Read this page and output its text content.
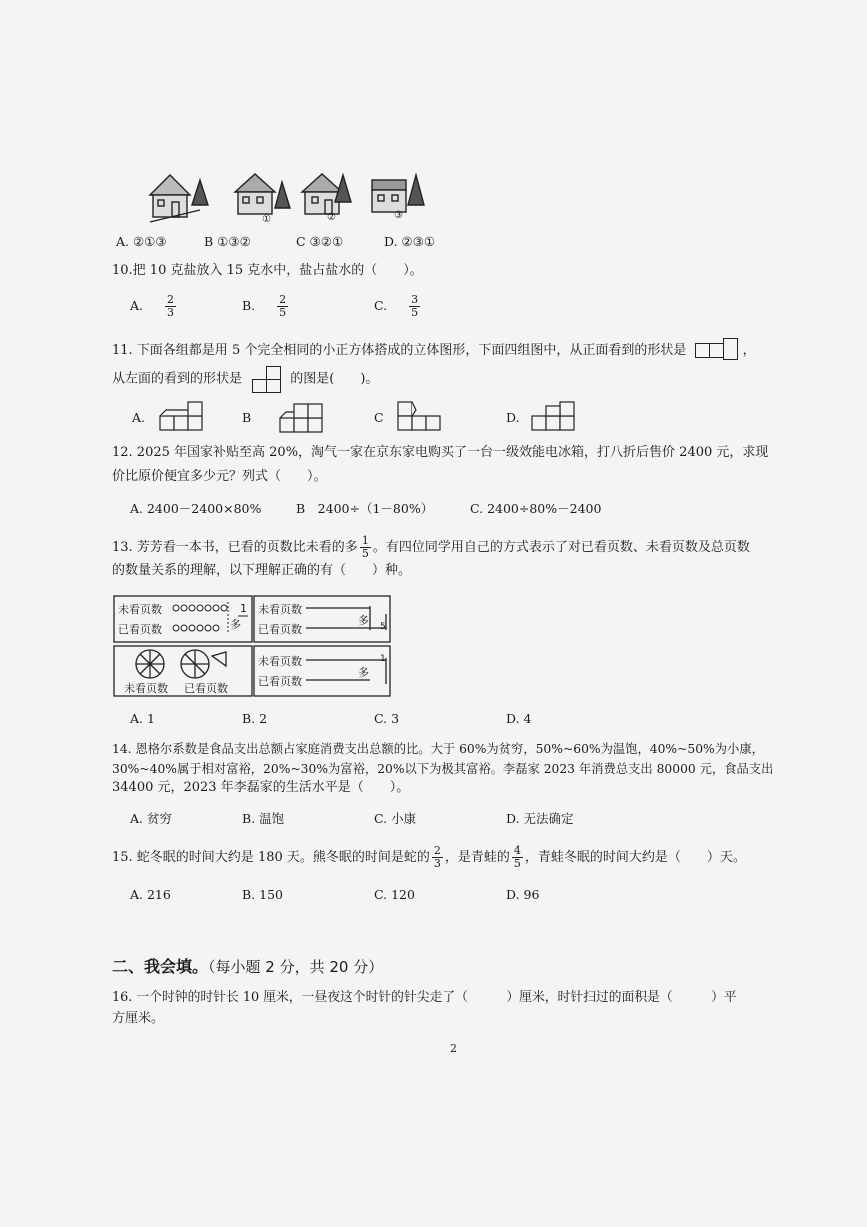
①	②	③
A. ②①③	B ①③②	C ③②①	D. ②③①
10.把 10 克盐放入 15 克水中，盐占盐水的（　　）。
A. $\frac{2}{3}$	B. $\frac{2}{5}$	C. $\frac{3}{5}$
11. 下面各组都是用 5 个完全相同的小正方体搭成的立体图形，下面四组图中，从正面看到的形状是	，
从左面的看到的形状是	的图是(　　)。
A.	B	C	D.
12. 2025 年国家补贴至高 20%，淘气一家在京东家电购买了一台一级效能电冰箱，打八折后售价 2400 元，求现
价比原价便宜多少元？列式（　　）。
A. 2400－2400×80%	B　2400÷（1－80%）	C. 2400÷80%－2400
13. 芳芳看一本书，已看的页数比未看的多 $\frac{1}{5}$ 。有四位同学用自己的方式表示了对已看页数、未看页数及总页数
的数量关系的理解，以下理解正确的有（　　）种。
未看页数
已看页数	多
1 未看页数
已看页数
多 5
未看页数 已看页数
未看页数
已看页数
多
1
A. 1	B. 2	C. 3	D. 4
14. 恩格尔系数是食品支出总额占家庭消费支出总额的比。大于 60%为贫穷，50%~60%为温饱，40%~50%为小康，
30%~40%属于相对富裕，20%~30%为富裕，20%以下为极其富裕。李磊家 2023 年消费总支出 80000 元，食品支出
34400 元，2023 年李磊家的生活水平是（　　）。
A. 贫穷	B. 温饱	C. 小康	D. 无法确定
15. 蛇冬眠的时间大约是 180 天。熊冬眠的时间是蛇的 $\frac{2}{3}$ ，是青蛙的 $\frac{4}{5}$ ，青蛙冬眠的时间大约是（　　）天。
A. 216	B. 150	C. 120	D. 96
二、我会填。（每小题 2 分，共 20 分）
16. 一个时钟的时针长 10 厘米，一昼夜这个时针的针尖走了（　　　）厘米，时针扫过的面积是（　　　）平
方厘米。
2
